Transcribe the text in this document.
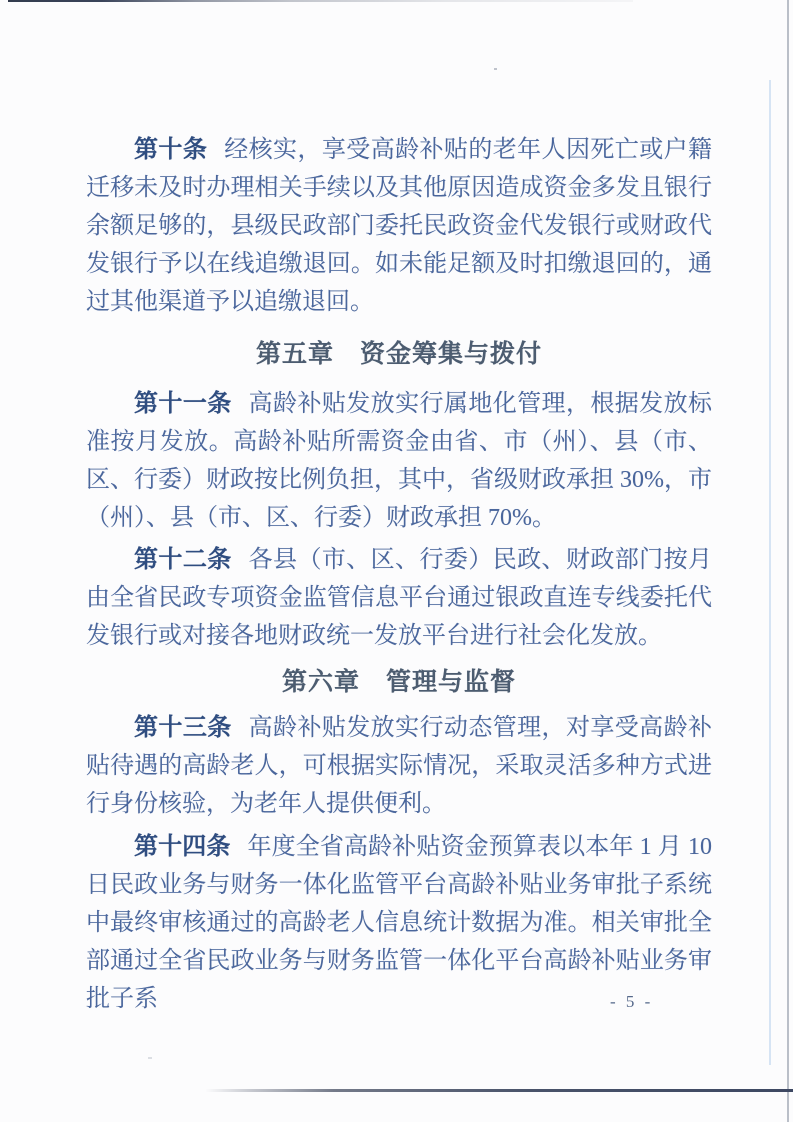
第十条 经核实，享受高龄补贴的老年人因死亡或户籍迁移未及时办理相关手续以及其他原因造成资金多发且银行余额足够的，县级民政部门委托民政资金代发银行或财政代发银行予以在线追缴退回。如未能足额及时扣缴退回的，通过其他渠道予以追缴退回。

第五章　资金筹集与拨付

第十一条 高龄补贴发放实行属地化管理，根据发放标准按月发放。高龄补贴所需资金由省、市（州）、县（市、区、行委）财政按比例负担，其中，省级财政承担 30%，市（州）、县（市、区、行委）财政承担 70%。

第十二条 各县（市、区、行委）民政、财政部门按月由全省民政专项资金监管信息平台通过银政直连专线委托代发银行或对接各地财政统一发放平台进行社会化发放。

第六章　管理与监督

第十三条 高龄补贴发放实行动态管理，对享受高龄补贴待遇的高龄老人，可根据实际情况，采取灵活多种方式进行身份核验，为老年人提供便利。

第十四条 年度全省高龄补贴资金预算表以本年 1 月 10 日民政业务与财务一体化监管平台高龄补贴业务审批子系统中最终审核通过的高龄老人信息统计数据为准。相关审批全部通过全省民政业务与财务监管一体化平台高龄补贴业务审批子系	- 5 -
